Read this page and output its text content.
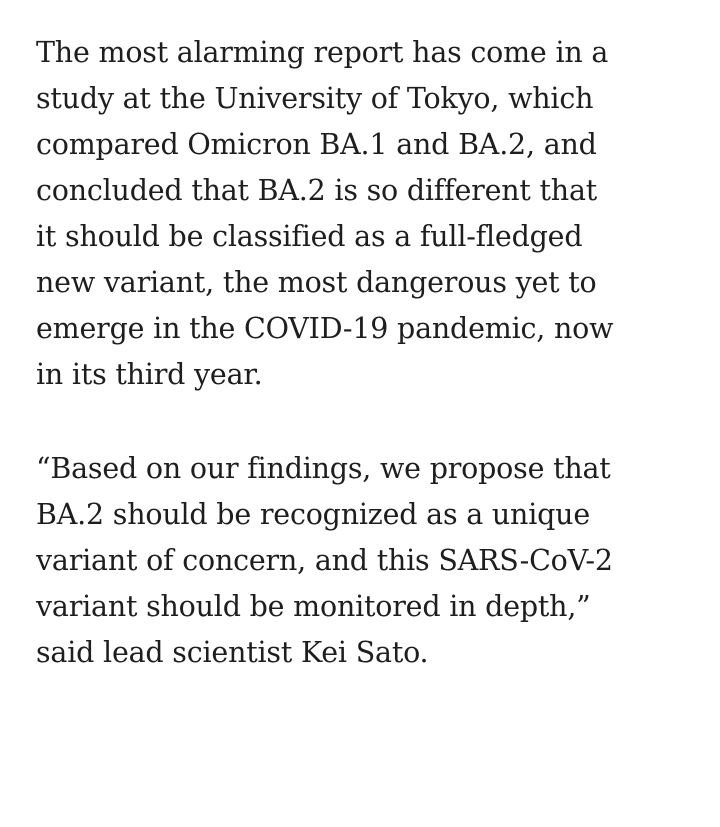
The most alarming report has come in a
study at the University of Tokyo, which
compared Omicron BA.1 and BA.2, and
concluded that BA.2 is so different that
it should be classified as a full-fledged
new variant, the most dangerous yet to
emerge in the COVID-19 pandemic, now
in its third year.

“Based on our findings, we propose that
BA.2 should be recognized as a unique
variant of concern, and this SARS-CoV-2
variant should be monitored in depth,”
said lead scientist Kei Sato.
